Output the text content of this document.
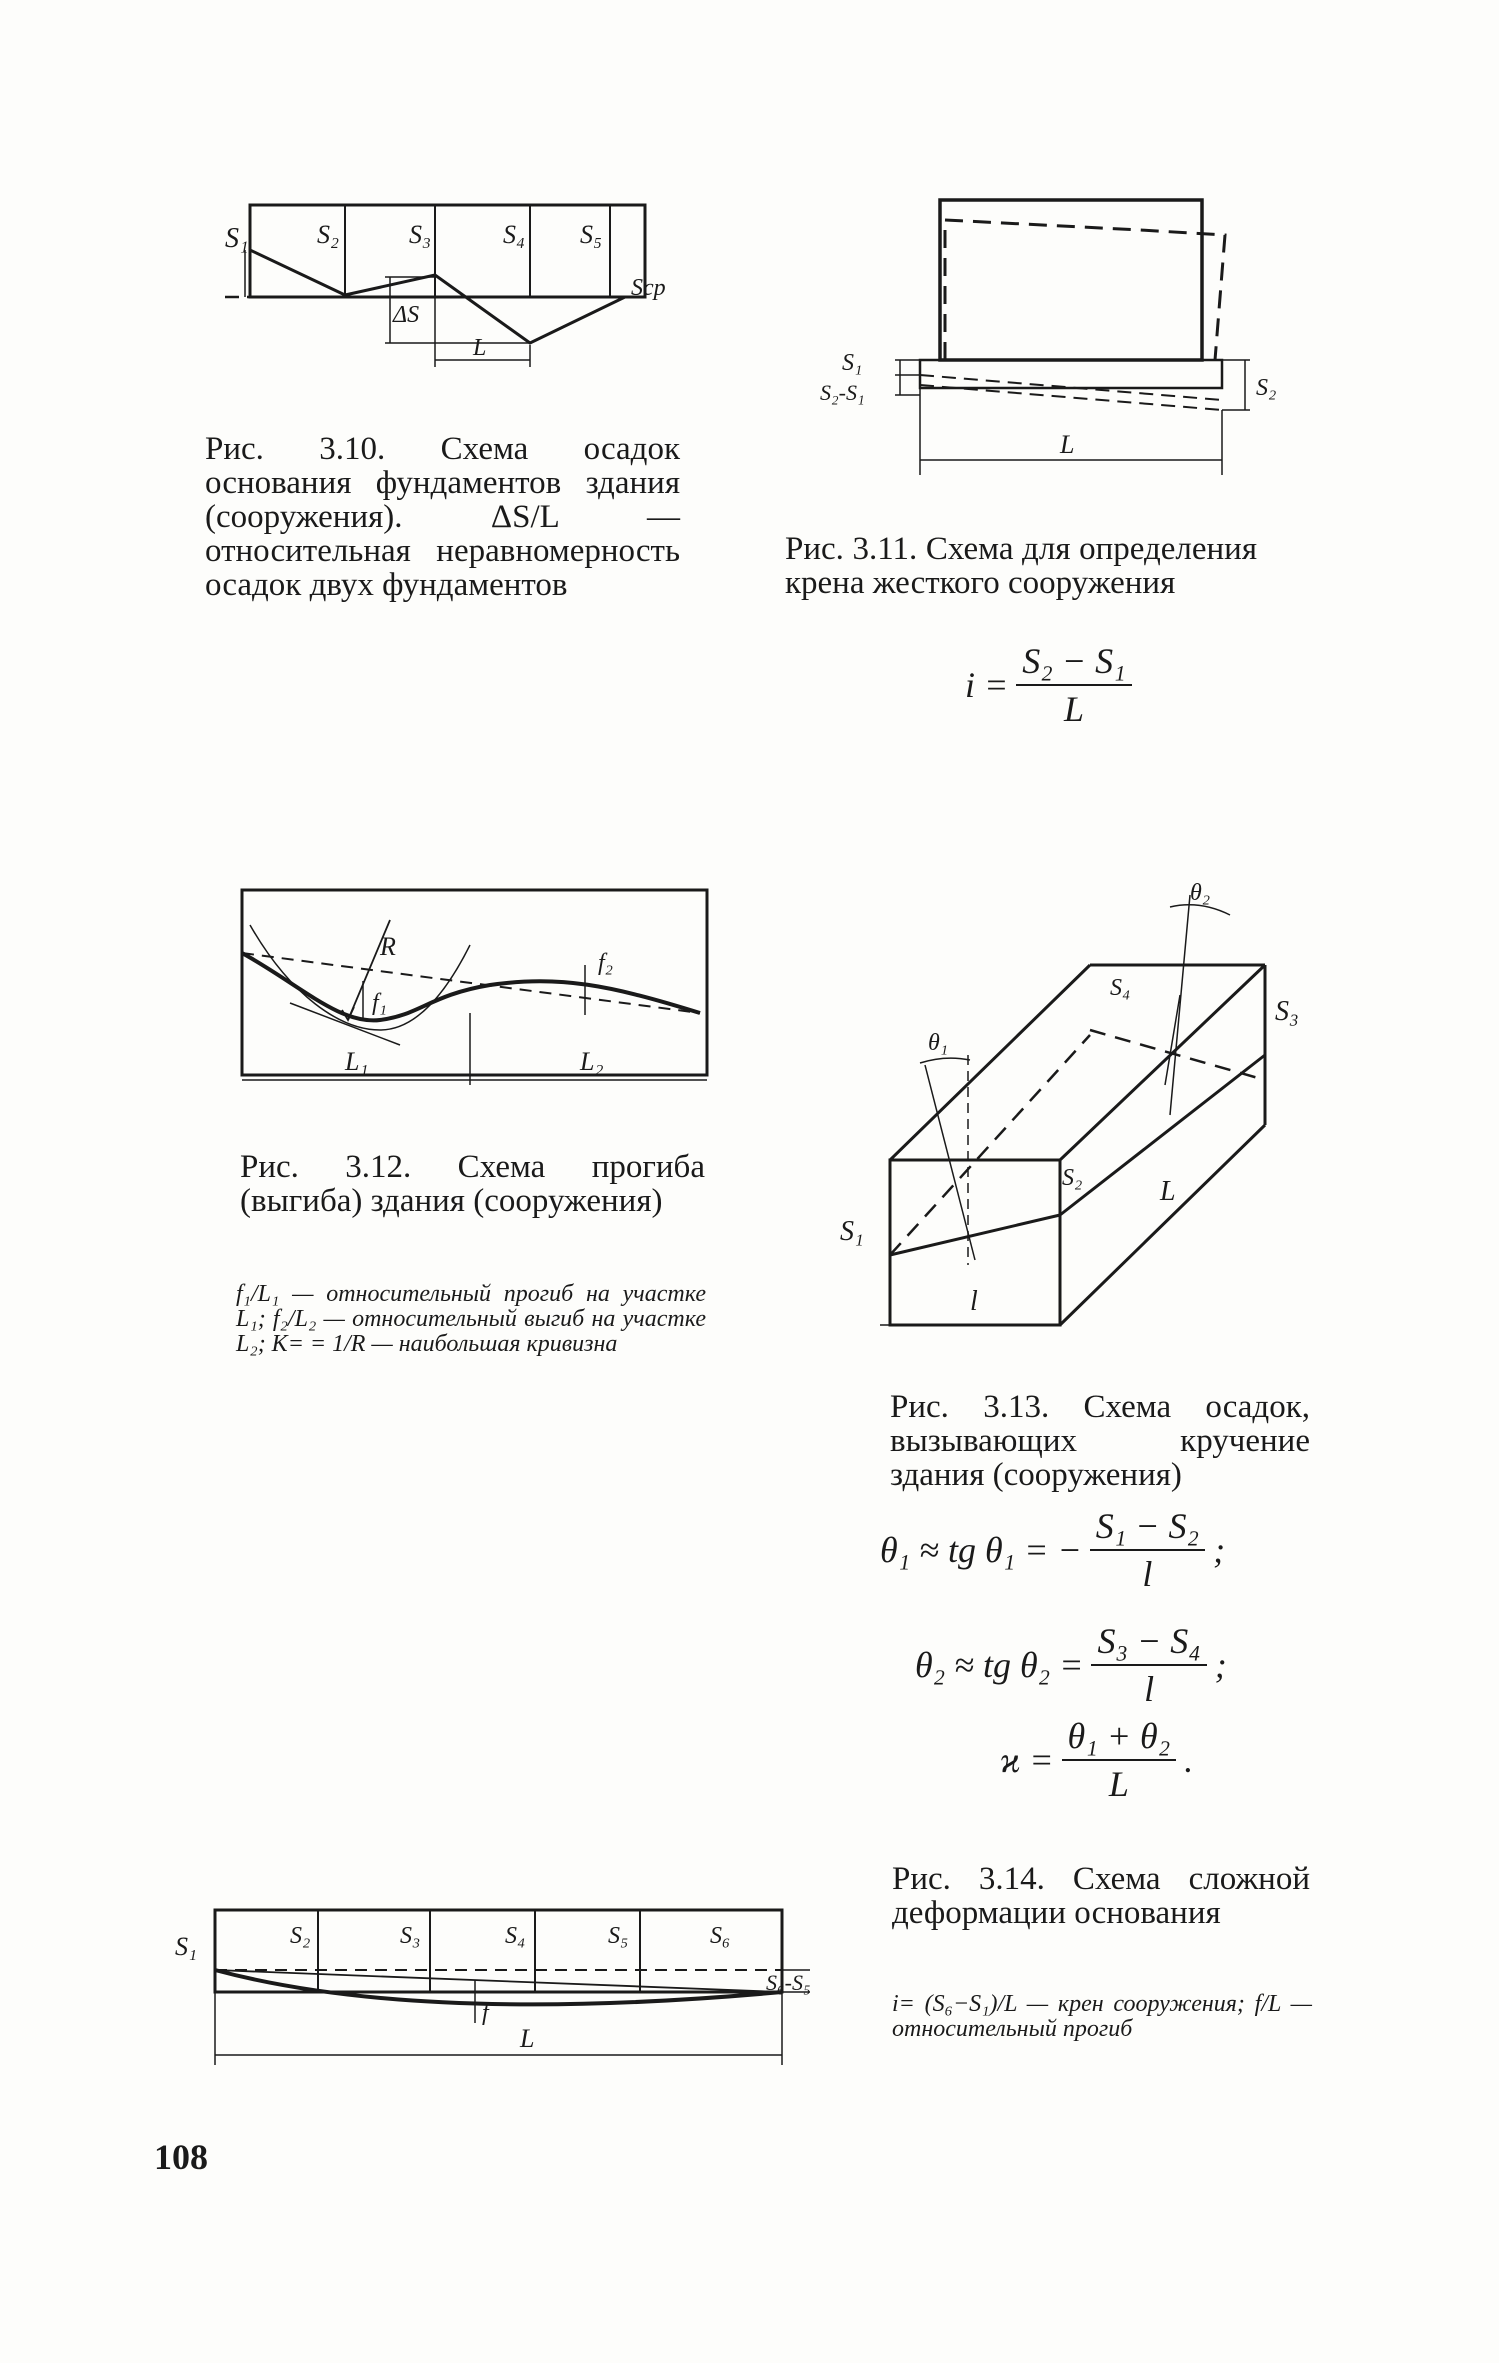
S₁	S₂	S₃	S₄ S₅
Sср
ΔS
L

Рис. 3.10. Схема осадок основания фундаментов здания (сооружения). ΔS/L — относительная неравномерность осадок двух фундаментов

S₁
S₂-S₁	S₂
L

Рис. 3.11. Схема для определения крена жесткого сооружения

$i = \frac{\text{S₂ − S₁}}{L}$
R
f₁
f₂
L₁	L₂

Рис. 3.12. Схема прогиба (выгиба) здания (сооружения)

f₁/L₁ — относительный прогиб на участке L₁; f₂/L₂ — относительный выгиб на участке L₂; K= = 1/R — наибольшая кривизна

S₁
S₂
S₃
S₄
θ₁
θ₂
l
L

Рис. 3.13. Схема осадок, вызывающих кручение здания (сооружения)

θ₁ ≈ tg θ₁ = − $\frac{\text{S₁ − S₂}}{l}$ ;
θ₂ ≈ tg $\theta_2 = \frac{\text{S₃ − S₄}}{l}$ ;
$ϰ = \frac{\text{θ₁ + θ₂}}{L}$ .
S₁	S₂	S₃	S₄	S₅	S₆
S₆-S₅
f
L

Рис. 3.14. Схема сложной деформации основания

i= (S₆−S₁)/L — крен сооружения; f/L — относительный прогиб

108
